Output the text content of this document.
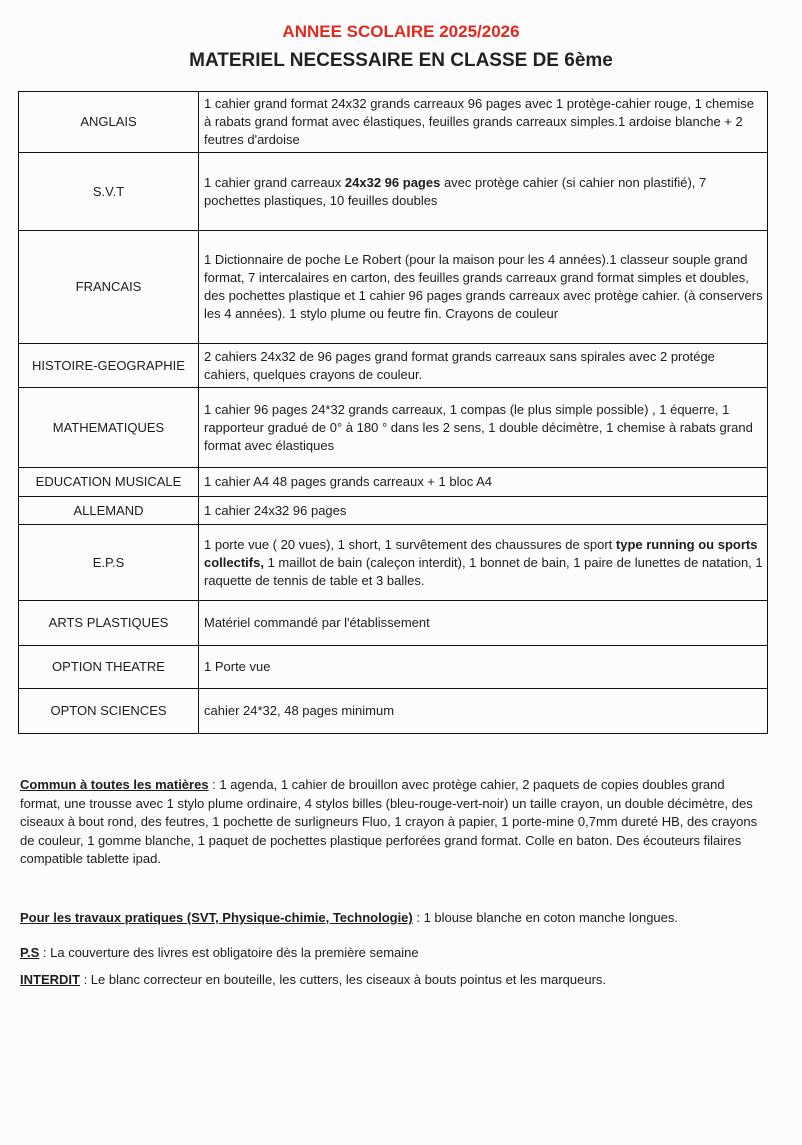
ANNEE SCOLAIRE 2025/2026
MATERIEL NECESSAIRE EN CLASSE DE 6ème
ANGLAIS	1 cahier grand format 24x32 grands carreaux 96 pages avec 1 protège-cahier rouge, 1 chemise à rabats grand format avec élastiques, feuilles grands carreaux simples.1 ardoise blanche + 2 feutres d'ardoise
S.V.T	1 cahier grand carreaux 24x32 96 pages avec protège cahier (si cahier non plastifié), 7 pochettes plastiques, 10 feuilles doubles
FRANCAIS	1 Dictionnaire de poche Le Robert (pour la maison pour les 4 années).1 classeur souple grand format, 7 intercalaires en carton, des feuilles grands carreaux grand format simples et doubles, des pochettes plastique et 1 cahier 96 pages grands carreaux avec protège cahier. (à conservers les 4 années). 1 stylo plume ou feutre fin. Crayons de couleur
HISTOIRE-GEOGRAPHIE	2 cahiers 24x32 de 96 pages grand format grands carreaux sans spirales avec 2 protége cahiers, quelques crayons de couleur.
MATHEMATIQUES	1 cahier 96 pages 24*32 grands carreaux, 1 compas (le plus simple possible) , 1 équerre, 1 rapporteur gradué de 0° à 180 ° dans les 2 sens, 1 double décimètre, 1 chemise à rabats grand format avec élastiques
EDUCATION MUSICALE	1 cahier A4 48 pages grands carreaux + 1 bloc A4
ALLEMAND	1 cahier 24x32 96 pages
E.P.S	1 porte vue ( 20 vues), 1 short, 1 survêtement des chaussures de sport type running ou sports collectifs, 1 maillot de bain (caleçon interdit), 1 bonnet de bain, 1 paire de lunettes de natation, 1 raquette de tennis de table et 3 balles.
ARTS PLASTIQUES	Matériel commandé par l'établissement
OPTION THEATRE	1 Porte vue
OPTON SCIENCES	cahier 24*32, 48 pages minimum
Commun à toutes les matières : 1 agenda, 1 cahier de brouillon avec protège cahier, 2 paquets de copies doubles grand format, une trousse avec 1 stylo plume ordinaire, 4 stylos billes (bleu-rouge-vert-noir) un taille crayon, un double décimètre, des ciseaux à bout rond, des feutres, 1 pochette de surligneurs Fluo, 1 crayon à papier, 1 porte-mine 0,7mm dureté HB, des crayons de couleur, 1 gomme blanche, 1 paquet de pochettes plastique perforées grand format. Colle en baton. Des écouteurs filaires compatible tablette ipad.
Pour les travaux pratiques (SVT, Physique-chimie, Technologie) : 1 blouse blanche en coton manche longues.
P.S : La couverture des livres est obligatoire dès la première semaine
INTERDIT : Le blanc correcteur en bouteille, les cutters, les ciseaux à bouts pointus et les marqueurs.
